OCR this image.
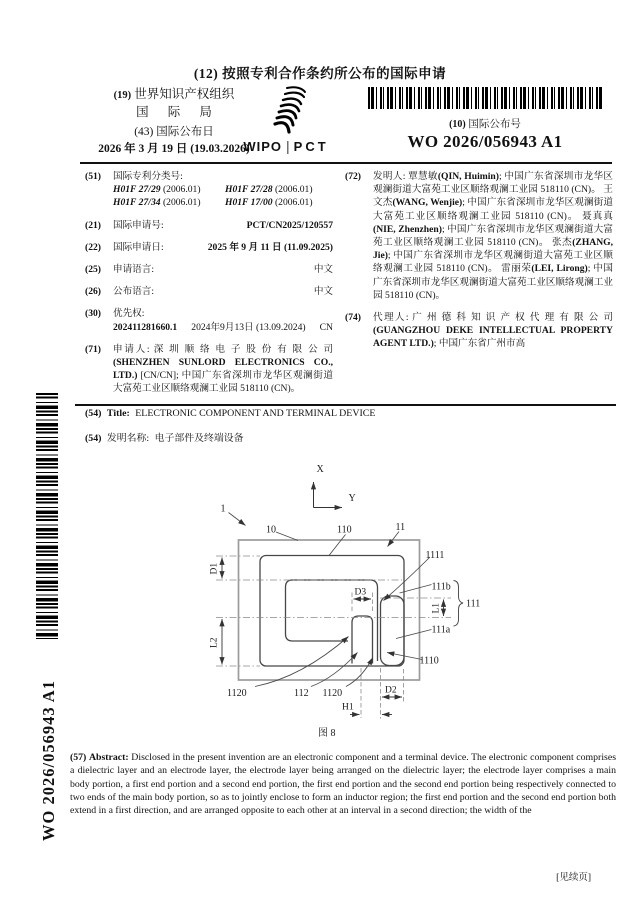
(12) 按照专利合作条约所公布的国际申请
(19) 世界知识产权组织
国 际 局
(43) 国际公布日
2026 年 3 月 19 日 (19.03.2026)
WIPO | PCT
(10) 国际公布号
WO 2026/056943 A1
(51) 国际专利分类号:
H01F 27/29 (2006.01)	H01F 27/28 (2006.01)
H01F 27/34 (2006.01)	H01F 17/00 (2006.01)
(21) 国际申请号:	PCT/CN2025/120557
(22) 国际申请日:	2025 年 9 月 11 日 (11.09.2025)
(25) 申请语言:	中文
(26) 公布语言:	中文
(30) 优先权:
202411281660.1 2024年9月13日 (13.09.2024) CN
(71) 申请人: 深 圳 顺 络 电 子 股 份 有 限 公 司 (SHENZHEN SUNLORD ELECTRONICS CO., LTD.) [CN/CN]; 中国广东省深圳市龙华区观澜街道大富苑工业区顺络观澜工业园 518110 (CN)。
(72) 发明人: 覃慧敏(QIN, Huimin); 中国广东省深圳市龙华区观澜街道大富苑工业区顺络观澜工业园 518110 (CN)。 王文杰(WANG, Wenjie); 中国广东省深圳市龙华区观澜街道大富苑工业区顺络观澜工业园 518110 (CN)。 聂真真(NIE, Zhenzhen); 中国广东省深圳市龙华区观澜街道大富苑工业区顺络观澜工业园 518110 (CN)。 张杰(ZHANG, Jie); 中国广东省深圳市龙华区观澜街道大富苑工业区顺络观澜工业园 518110 (CN)。 雷丽荣(LEI, Lirong); 中国广东省深圳市龙华区观澜街道大富苑工业区顺络观澜工业园 518110 (CN)。
(74) 代理人: 广 州 德 科 知 识 产 权 代 理 有 限 公 司 (GUANGZHOU DEKE INTELLECTUAL PROPERTY AGENT LTD.); 中国广东省广州市高
(54) Title: ELECTRONIC COMPONENT AND TERMINAL DEVICE
(54) 发明名称: 电子部件及终端设备
X
Y
D1
L2
D3
L1
D2
H1
1
10	110	11
1111
111b
111
111a
1110
1120	112 1120
图 8
(57) Abstract: Disclosed in the present invention are an electronic component and a terminal device. The electronic component comprises a dielectric layer and an electrode layer, the electrode layer being arranged on the dielectric layer; the electrode layer comprises a main body portion, a first end portion and a second end portion, the first end portion and the second end portion being respectively connected to two ends of the main body portion, so as to jointly enclose to form an inductor region; the first end portion and the second end portion both extend in a first direction, and are arranged opposite to each other at an interval in a second direction; the width of the
WO 2026/056943 A1
[见续页]
